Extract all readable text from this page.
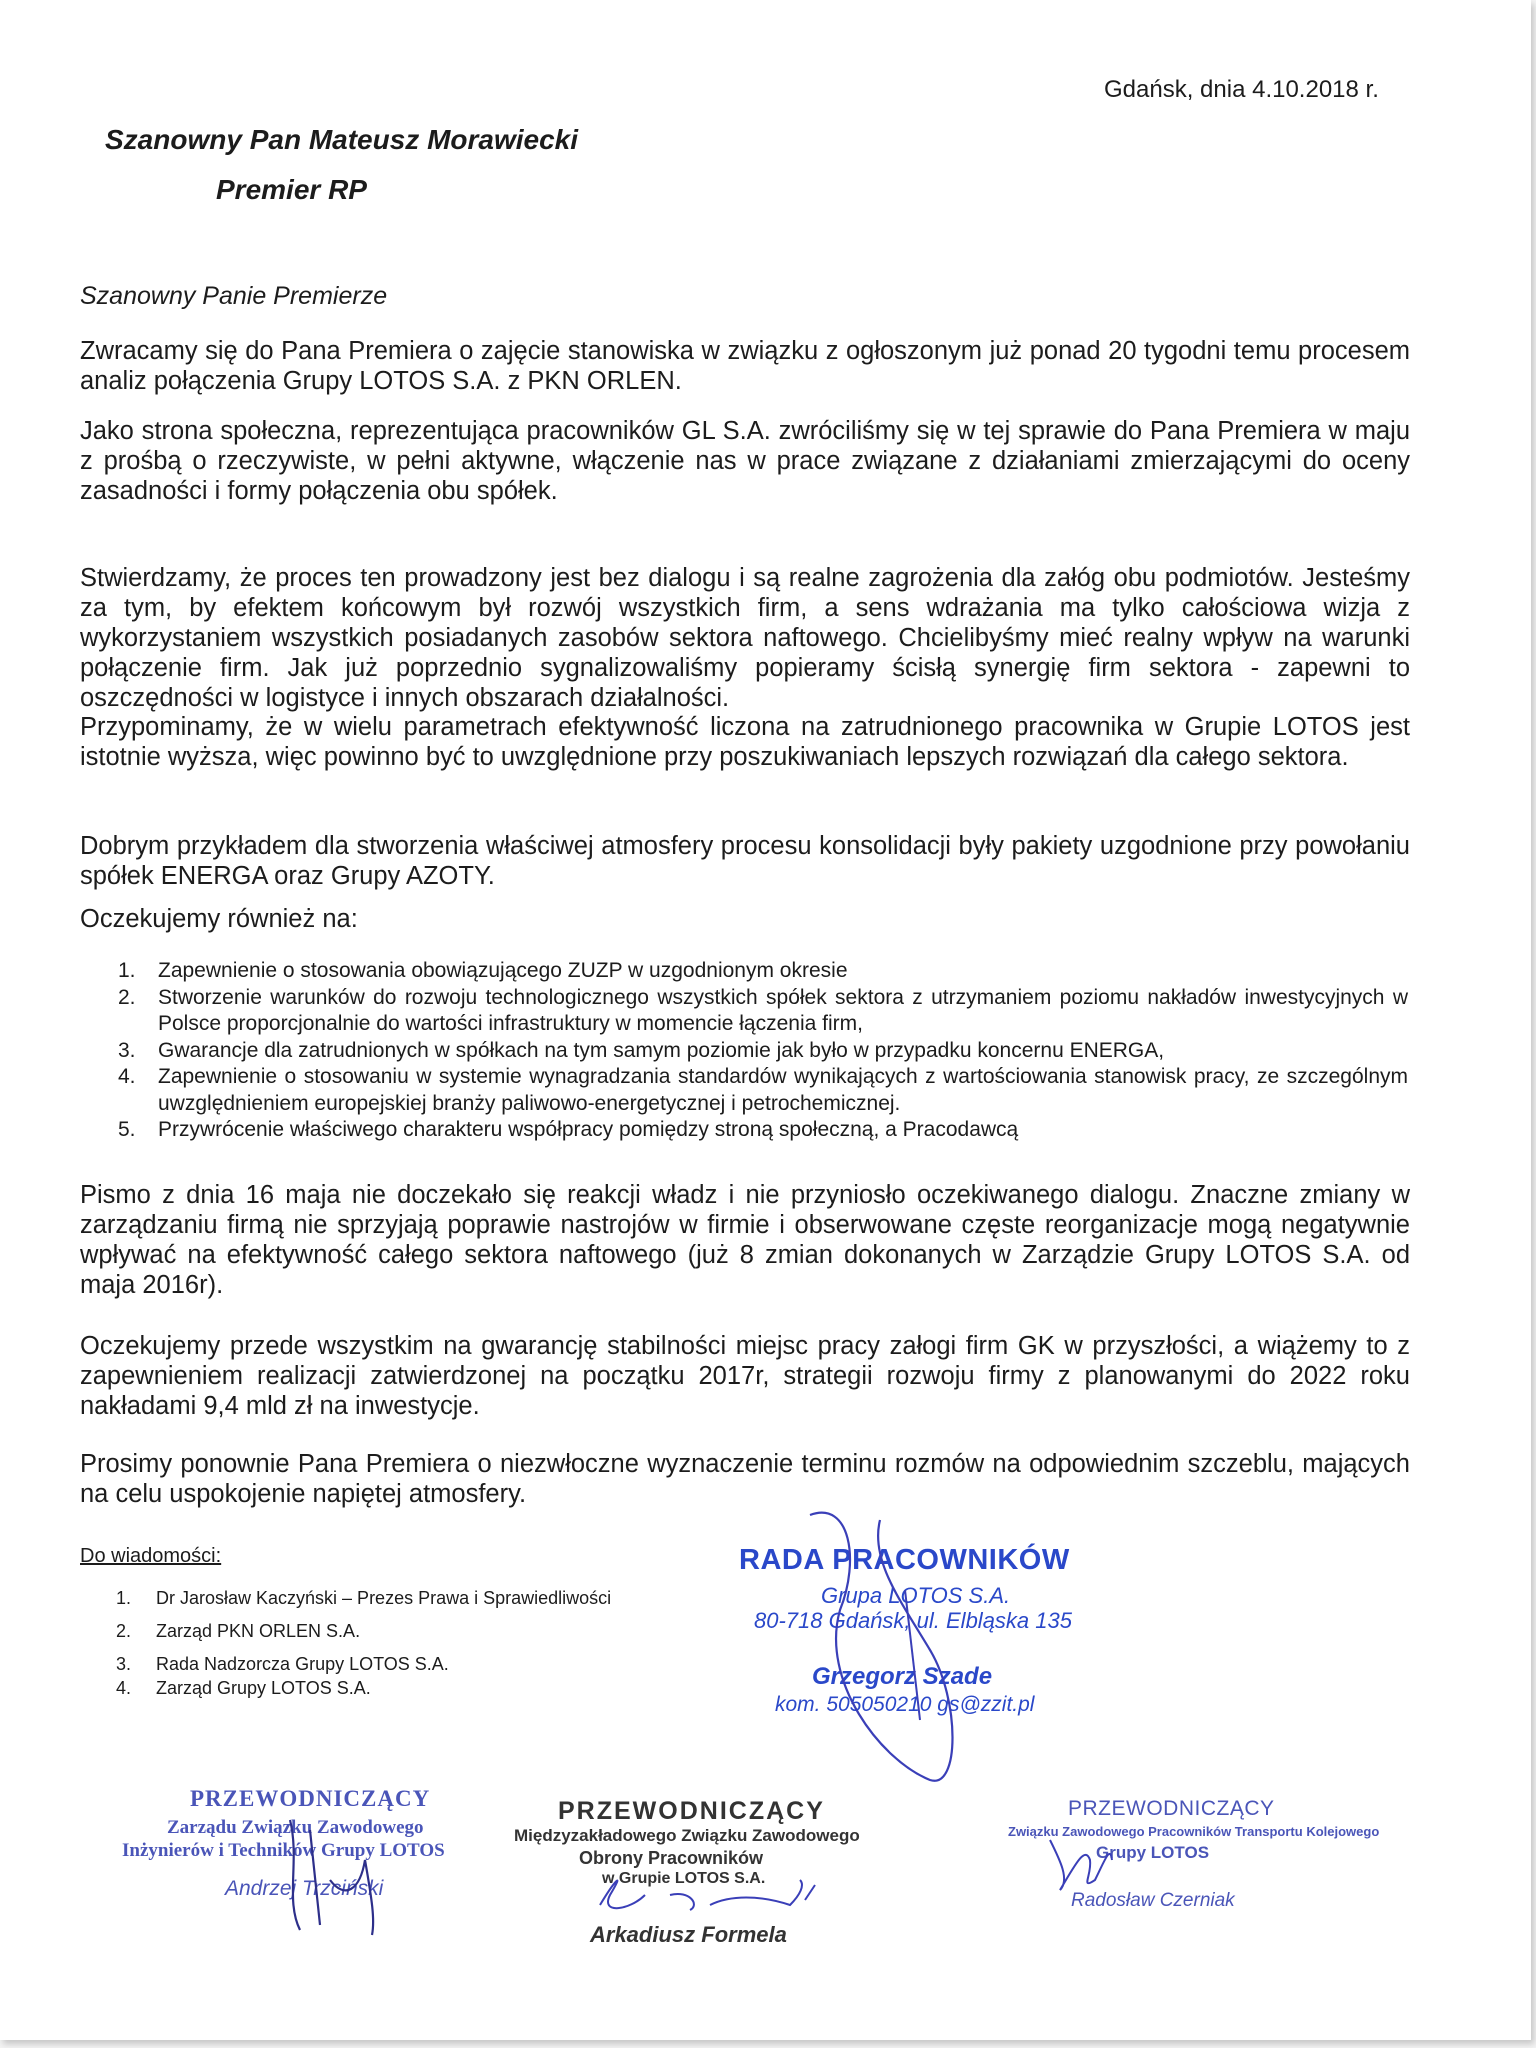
Gdańsk, dnia 4.10.2018 r.
Szanowny Pan Mateusz Morawiecki
Premier RP
Szanowny Panie Premierze

Zwracamy się do Pana Premiera o zajęcie stanowiska w związku z ogłoszonym już ponad 20 tygodni temu procesem analiz połączenia Grupy LOTOS S.A. z PKN ORLEN.

Jako strona społeczna, reprezentująca pracowników GL S.A. zwróciliśmy się w tej sprawie do Pana Premiera w maju z prośbą o rzeczywiste, w pełni aktywne, włączenie nas w prace związane z działaniami zmierzającymi do oceny zasadności i formy połączenia obu spółek.

Stwierdzamy, że proces ten prowadzony jest bez dialogu i są realne zagrożenia dla załóg obu podmiotów. Jesteśmy za tym, by efektem końcowym był rozwój wszystkich firm, a sens wdrażania ma tylko całościowa wizja z wykorzystaniem wszystkich posiadanych zasobów sektora naftowego. Chcielibyśmy mieć realny wpływ na warunki połączenie firm. Jak już poprzednio sygnalizowaliśmy popieramy ścisłą synergię firm sektora - zapewni to oszczędności w logistyce i innych obszarach działalności.

Przypominamy, że w wielu parametrach efektywność liczona na zatrudnionego pracownika w Grupie LOTOS jest istotnie wyższa, więc powinno być to uwzględnione przy poszukiwaniach lepszych rozwiązań dla całego sektora.

Dobrym przykładem dla stworzenia właściwej atmosfery procesu konsolidacji były pakiety uzgodnione przy powołaniu spółek ENERGA oraz Grupy AZOTY.

Oczekujemy również na:
1. Zapewnienie o stosowania obowiązującego ZUZP w uzgodnionym okresie
2. Stworzenie warunków do rozwoju technologicznego wszystkich spółek sektora z utrzymaniem poziomu nakładów inwestycyjnych w Polsce proporcjonalnie do wartości infrastruktury w momencie łączenia firm,
3. Gwarancje dla zatrudnionych w spółkach na tym samym poziomie jak było w przypadku koncernu ENERGA,
4. Zapewnienie o stosowaniu w systemie wynagradzania standardów wynikających z wartościowania stanowisk pracy, ze szczególnym uwzględnieniem europejskiej branży paliwowo-energetycznej i petrochemicznej.
5. Przywrócenie właściwego charakteru współpracy pomiędzy stroną społeczną, a Pracodawcą

Pismo z dnia 16 maja nie doczekało się reakcji władz i nie przyniosło oczekiwanego dialogu. Znaczne zmiany w zarządzaniu firmą nie sprzyjają poprawie nastrojów w firmie i obserwowane częste reorganizacje mogą negatywnie wpływać na efektywność całego sektora naftowego (już 8 zmian dokonanych w Zarządzie Grupy LOTOS S.A. od maja 2016r).

Oczekujemy przede wszystkim na gwarancję stabilności miejsc pracy załogi firm GK w przyszłości, a wiążemy to z zapewnieniem realizacji zatwierdzonej na początku 2017r, strategii rozwoju firmy z planowanymi do 2022 roku nakładami 9,4 mld zł na inwestycje.

Prosimy ponownie Pana Premiera o niezwłoczne wyznaczenie terminu rozmów na odpowiednim szczeblu, mających na celu uspokojenie napiętej atmosfery.

Do wiadomości:
1. Dr Jarosław Kaczyński – Prezes Prawa i Sprawiedliwości
2. Zarząd PKN ORLEN S.A.
3. Rada Nadzorcza Grupy LOTOS S.A.
4. Zarząd Grupy LOTOS S.A.
RADA PRACOWNIKÓW
Grupa LOTOS S.A.
80-718 Gdańsk, ul. Elbląska 135
Grzegorz Szade
kom. 505050210 gs@zzit.pl
PRZEWODNICZĄCY
Zarządu Związku Zawodowego
Inżynierów i Techników Grupy LOTOS
Andrzej Trzciński
PRZEWODNICZĄCY
Międzyzakładowego Związku Zawodowego
Obrony Pracowników
w Grupie LOTOS S.A.
Arkadiusz Formela
PRZEWODNICZĄCY
Związku Zawodowego Pracowników Transportu Kolejowego
Grupy LOTOS
Radosław Czerniak
